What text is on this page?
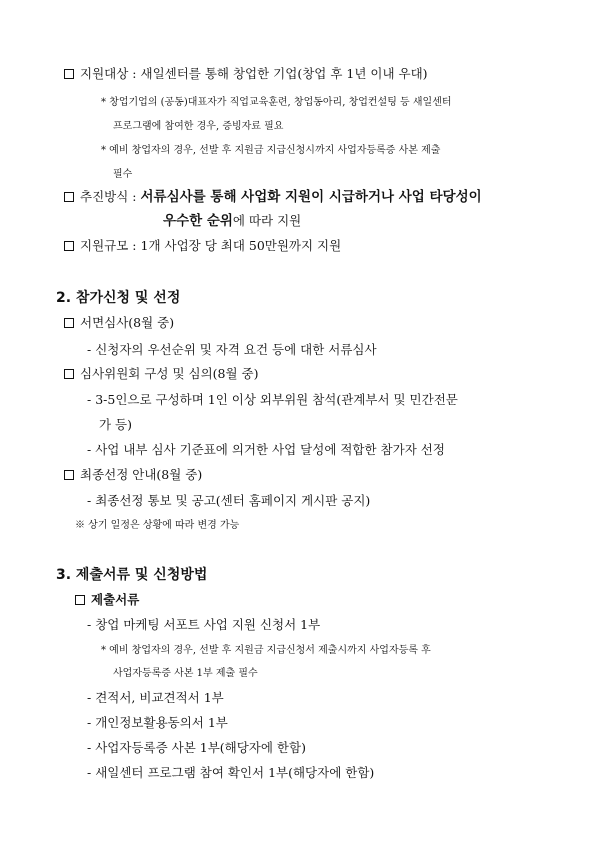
지원대상 : 새일센터를 통해 창업한 기업(창업 후 1년 이내 우대)
* 창업기업의 (공동)대표자가 직업교육훈련, 창업동아리, 창업컨설팅 등 새일센터
프로그램에 참여한 경우, 증빙자료 필요
* 예비 창업자의 경우, 선발 후 지원금 지급신청시까지 사업자등록증 사본 제출
필수
추진방식 : 서류심사를 통해 사업화 지원이 시급하거나 사업 타당성이
우수한 순위에 따라 지원
지원규모 : 1개 사업장 당 최대 50만원까지 지원
2. 참가신청 및 선정
서면심사(8월 중)
- 신청자의 우선순위 및 자격 요건 등에 대한 서류심사
심사위원회 구성 및 심의(8월 중)
- 3-5인으로 구성하며 1인 이상 외부위원 참석(관계부서 및 민간전문
가 등)
- 사업 내부 심사 기준표에 의거한 사업 달성에 적합한 참가자 선정
최종선정 안내(8월 중)
- 최종선정 통보 및 공고(센터 홈페이지 게시판 공지)
※ 상기 일정은 상황에 따라 변경 가능
3. 제출서류 및 신청방법
제출서류
- 창업 마케팅 서포트 사업 지원 신청서 1부
* 예비 창업자의 경우, 선발 후 지원금 지급신청서 제출시까지 사업자등록 후
사업자등록증 사본 1부 제출 필수
- 견적서, 비교견적서 1부
- 개인정보활용동의서 1부
- 사업자등록증 사본 1부(해당자에 한함)
- 새일센터 프로그램 참여 확인서 1부(해당자에 한함)
